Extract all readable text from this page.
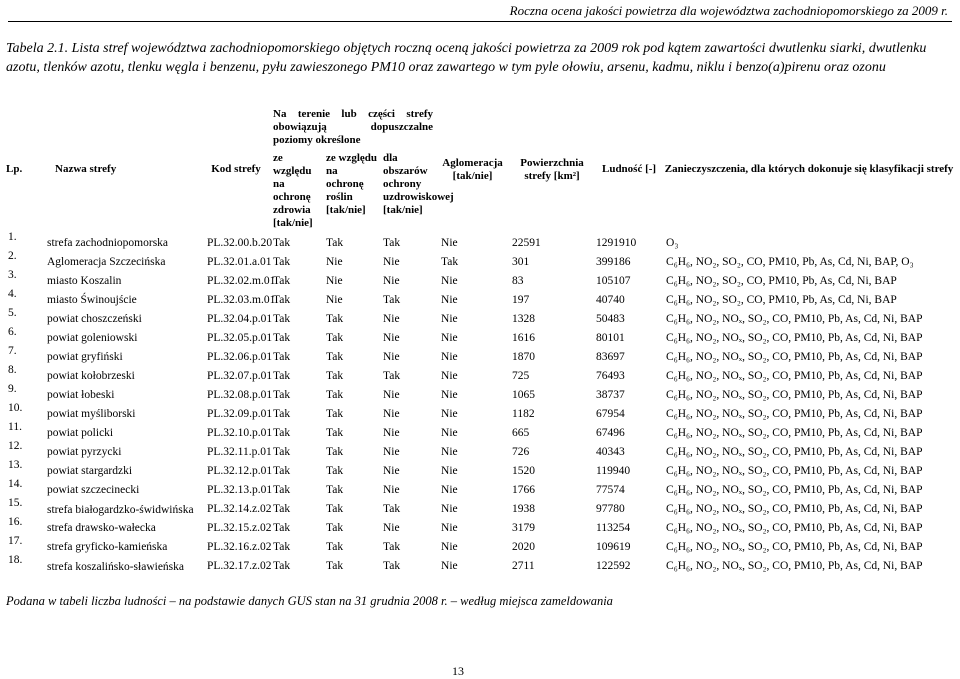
Roczna ocena jakości powietrza dla województwa zachodniopomorskiego za 2009 r.
Tabela 2.1. Lista stref województwa zachodniopomorskiego objętych roczną oceną jakości powietrza za 2009 rok pod kątem zawartości dwutlenku siarki, dwutlenku azotu, tlenków azotu, tlenku węgla i benzenu, pyłu zawieszonego PM10 oraz zawartego w tym pyle ołowiu, arsenu, kadmu, niklu i benzo(a)pirenu oraz ozonu
Lp.	Nazwa strefy	Kod strefy	Na terenie lub części strefy obowiązują dopuszczalne poziomy określone			Aglomeracja [tak/nie]	Powierzchnia strefy [km²]	Ludność [-]	Zanieczyszczenia, dla których dokonuje się klasyfikacji strefy
			ze względu na ochronę zdrowia [tak/nie]	ze względu na ochronę roślin [tak/nie]	dla obszarów ochrony uzdrowiskowej [tak/nie]				
1.	strefa zachodniopomorska	PL.32.00.b.20	Tak	Tak	Tak	Nie	22591	1291910	O₃
2.	Aglomeracja Szczecińska	PL.32.01.a.01	Tak	Nie	Nie	Tak	301	399186	C₆H₆, NO₂, SO₂, CO, PM10, Pb, As, Cd, Ni, BAP, O₃
3.	miasto Koszalin	PL.32.02.m.01	Tak	Nie	Nie	Nie	83	105107	C₆H₆, NO₂, SO₂, CO, PM10, Pb, As, Cd, Ni, BAP
4.	miasto Świnoujście	PL.32.03.m.01	Tak	Nie	Tak	Nie	197	40740	C₆H₆, NO₂, SO₂, CO, PM10, Pb, As, Cd, Ni, BAP
5.	powiat choszczeński	PL.32.04.p.01	Tak	Tak	Nie	Nie	1328	50483	C₆H₆, NO₂, NOₓ, SO₂, CO, PM10, Pb, As, Cd, Ni, BAP
6.	powiat goleniowski	PL.32.05.p.01	Tak	Tak	Nie	Nie	1616	80101	C₆H₆, NO₂, NOₓ, SO₂, CO, PM10, Pb, As, Cd, Ni, BAP
7.	powiat gryfiński	PL.32.06.p.01	Tak	Tak	Nie	Nie	1870	83697	C₆H₆, NO₂, NOₓ, SO₂, CO, PM10, Pb, As, Cd, Ni, BAP
8.	powiat kołobrzeski	PL.32.07.p.01	Tak	Tak	Tak	Nie	725	76493	C₆H₆, NO₂, NOₓ, SO₂, CO, PM10, Pb, As, Cd, Ni, BAP
9.	powiat łobeski	PL.32.08.p.01	Tak	Tak	Nie	Nie	1065	38737	C₆H₆, NO₂, NOₓ, SO₂, CO, PM10, Pb, As, Cd, Ni, BAP
10.	powiat myśliborski	PL.32.09.p.01	Tak	Tak	Nie	Nie	1182	67954	C₆H₆, NO₂, NOₓ, SO₂, CO, PM10, Pb, As, Cd, Ni, BAP
11.	powiat policki	PL.32.10.p.01	Tak	Tak	Nie	Nie	665	67496	C₆H₆, NO₂, NOₓ, SO₂, CO, PM10, Pb, As, Cd, Ni, BAP
12.	powiat pyrzycki	PL.32.11.p.01	Tak	Tak	Nie	Nie	726	40343	C₆H₆, NO₂, NOₓ, SO₂, CO, PM10, Pb, As, Cd, Ni, BAP
13.	powiat stargardzki	PL.32.12.p.01	Tak	Tak	Nie	Nie	1520	119940	C₆H₆, NO₂, NOₓ, SO₂, CO, PM10, Pb, As, Cd, Ni, BAP
14.	powiat szczecinecki	PL.32.13.p.01	Tak	Tak	Nie	Nie	1766	77574	C₆H₆, NO₂, NOₓ, SO₂, CO, PM10, Pb, As, Cd, Ni, BAP
15.	strefa białogardzko-świdwińska	PL.32.14.z.02	Tak	Tak	Tak	Nie	1938	97780	C₆H₆, NO₂, NOₓ, SO₂, CO, PM10, Pb, As, Cd, Ni, BAP
16.	strefa drawsko-wałecka	PL.32.15.z.02	Tak	Tak	Nie	Nie	3179	113254	C₆H₆, NO₂, NOₓ, SO₂, CO, PM10, Pb, As, Cd, Ni, BAP
17.	strefa gryficko-kamieńska	PL.32.16.z.02	Tak	Tak	Tak	Nie	2020	109619	C₆H₆, NO₂, NOₓ, SO₂, CO, PM10, Pb, As, Cd, Ni, BAP
18.	strefa koszalińsko-sławieńska	PL.32.17.z.02	Tak	Tak	Tak	Nie	2711	122592	C₆H₆, NO₂, NOₓ, SO₂, CO, PM10, Pb, As, Cd, Ni, BAP
Podana w tabeli liczba ludności – na podstawie danych GUS stan na 31 grudnia 2008 r. – według miejsca zameldowania
13
